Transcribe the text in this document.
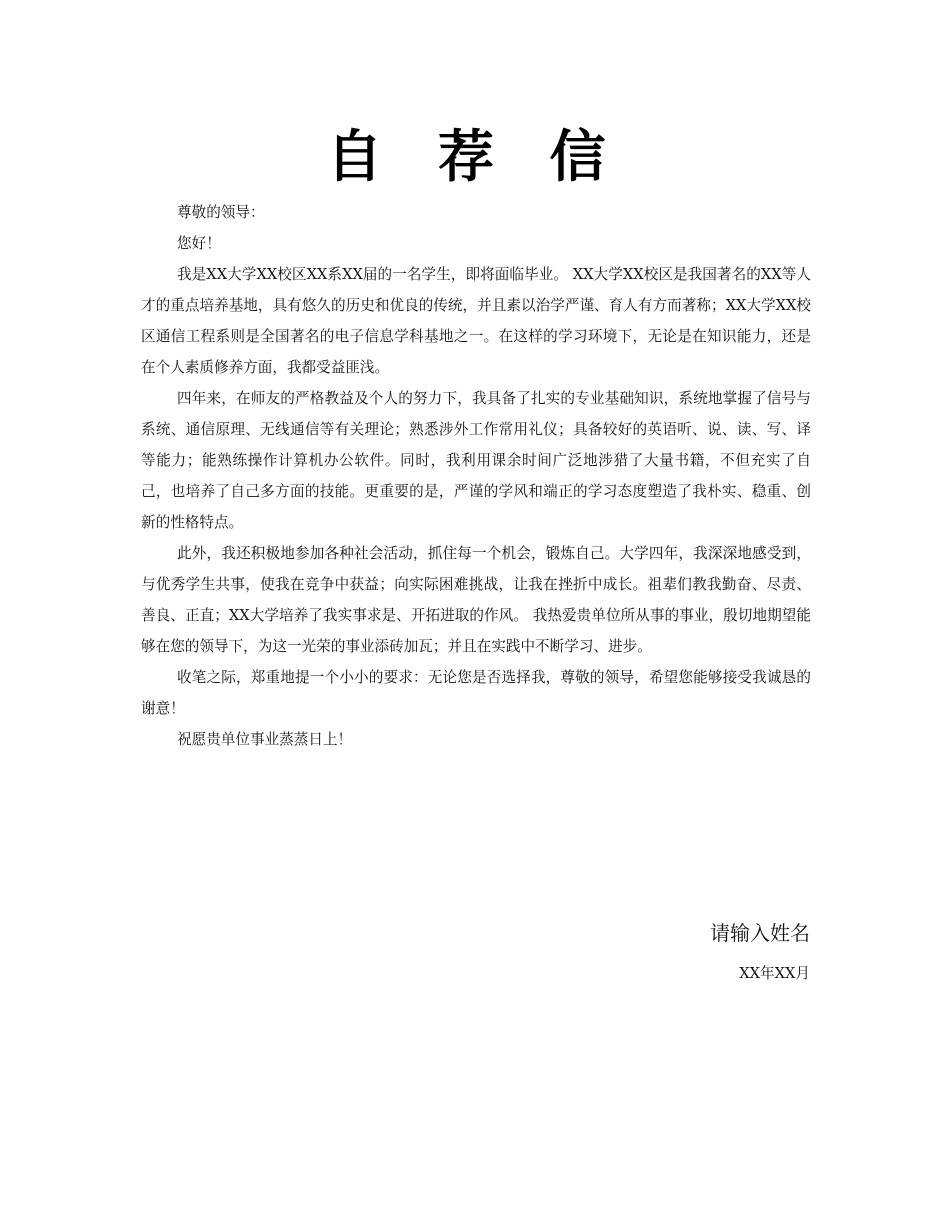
自 荐 信

尊敬的领导：

您好！

我是XX大学XX校区XX系XX届的一名学生，即将面临毕业。 XX大学XX校区是我国著名的XX等人才的重点培养基地，具有悠久的历史和优良的传统，并且素以治学严谨、育人有方而著称；XX大学XX校区通信工程系则是全国著名的电子信息学科基地之一。在这样的学习环境下，无论是在知识能力，还是在个人素质修养方面，我都受益匪浅。

四年来，在师友的严格教益及个人的努力下，我具备了扎实的专业基础知识，系统地掌握了信号与系统、通信原理、无线通信等有关理论；熟悉涉外工作常用礼仪；具备较好的英语听、说、读、写、译等能力；能熟练操作计算机办公软件。同时，我利用课余时间广泛地涉猎了大量书籍，不但充实了自己，也培养了自己多方面的技能。更重要的是，严谨的学风和端正的学习态度塑造了我朴实、稳重、创新的性格特点。

此外，我还积极地参加各种社会活动，抓住每一个机会，锻炼自己。大学四年，我深深地感受到，与优秀学生共事，使我在竞争中获益；向实际困难挑战，让我在挫折中成长。祖辈们教我勤奋、尽责、善良、正直；XX大学培养了我实事求是、开拓进取的作风。 我热爱贵单位所从事的事业，殷切地期望能够在您的领导下，为这一光荣的事业添砖加瓦；并且在实践中不断学习、进步。

收笔之际，郑重地提一个小小的要求：无论您是否选择我，尊敬的领导，希望您能够接受我诚恳的谢意！

祝愿贵单位事业蒸蒸日上！

请输入姓名
XX年XX月
